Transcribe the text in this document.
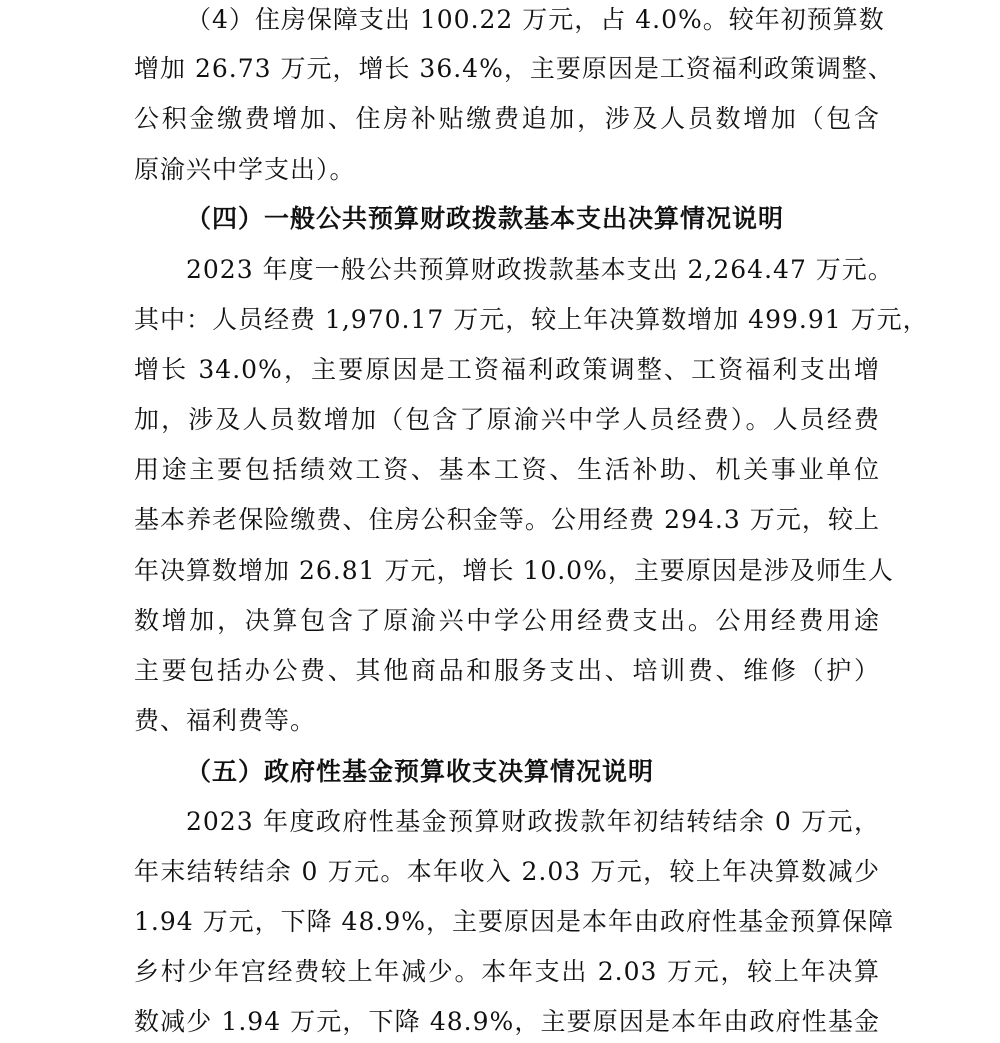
（4）住房保障支出 100.22 万元，占 4.0%。较年初预算数
增加 26.73 万元，增长 36.4%，主要原因是工资福利政策调整、
公积金缴费增加、住房补贴缴费追加，涉及人员数增加（包含
原渝兴中学支出）。
（四）一般公共预算财政拨款基本支出决算情况说明
2023 年度一般公共预算财政拨款基本支出 2,264.47 万元。
其中：人员经费 1,970.17 万元，较上年决算数增加 499.91 万元，
增长 34.0%，主要原因是工资福利政策调整、工资福利支出增
加，涉及人员数增加（包含了原渝兴中学人员经费）。人员经费
用途主要包括绩效工资、基本工资、生活补助、机关事业单位
基本养老保险缴费、住房公积金等。公用经费 294.3 万元，较上
年决算数增加 26.81 万元，增长 10.0%，主要原因是涉及师生人
数增加，决算包含了原渝兴中学公用经费支出。公用经费用途
主要包括办公费、其他商品和服务支出、培训费、维修（护）
费、福利费等。
（五）政府性基金预算收支决算情况说明
2023 年度政府性基金预算财政拨款年初结转结余 0 万元，
年末结转结余 0 万元。本年收入 2.03 万元，较上年决算数减少
1.94 万元，下降 48.9%，主要原因是本年由政府性基金预算保障
乡村少年宫经费较上年减少。本年支出 2.03 万元，较上年决算
数减少 1.94 万元，下降 48.9%，主要原因是本年由政府性基金
